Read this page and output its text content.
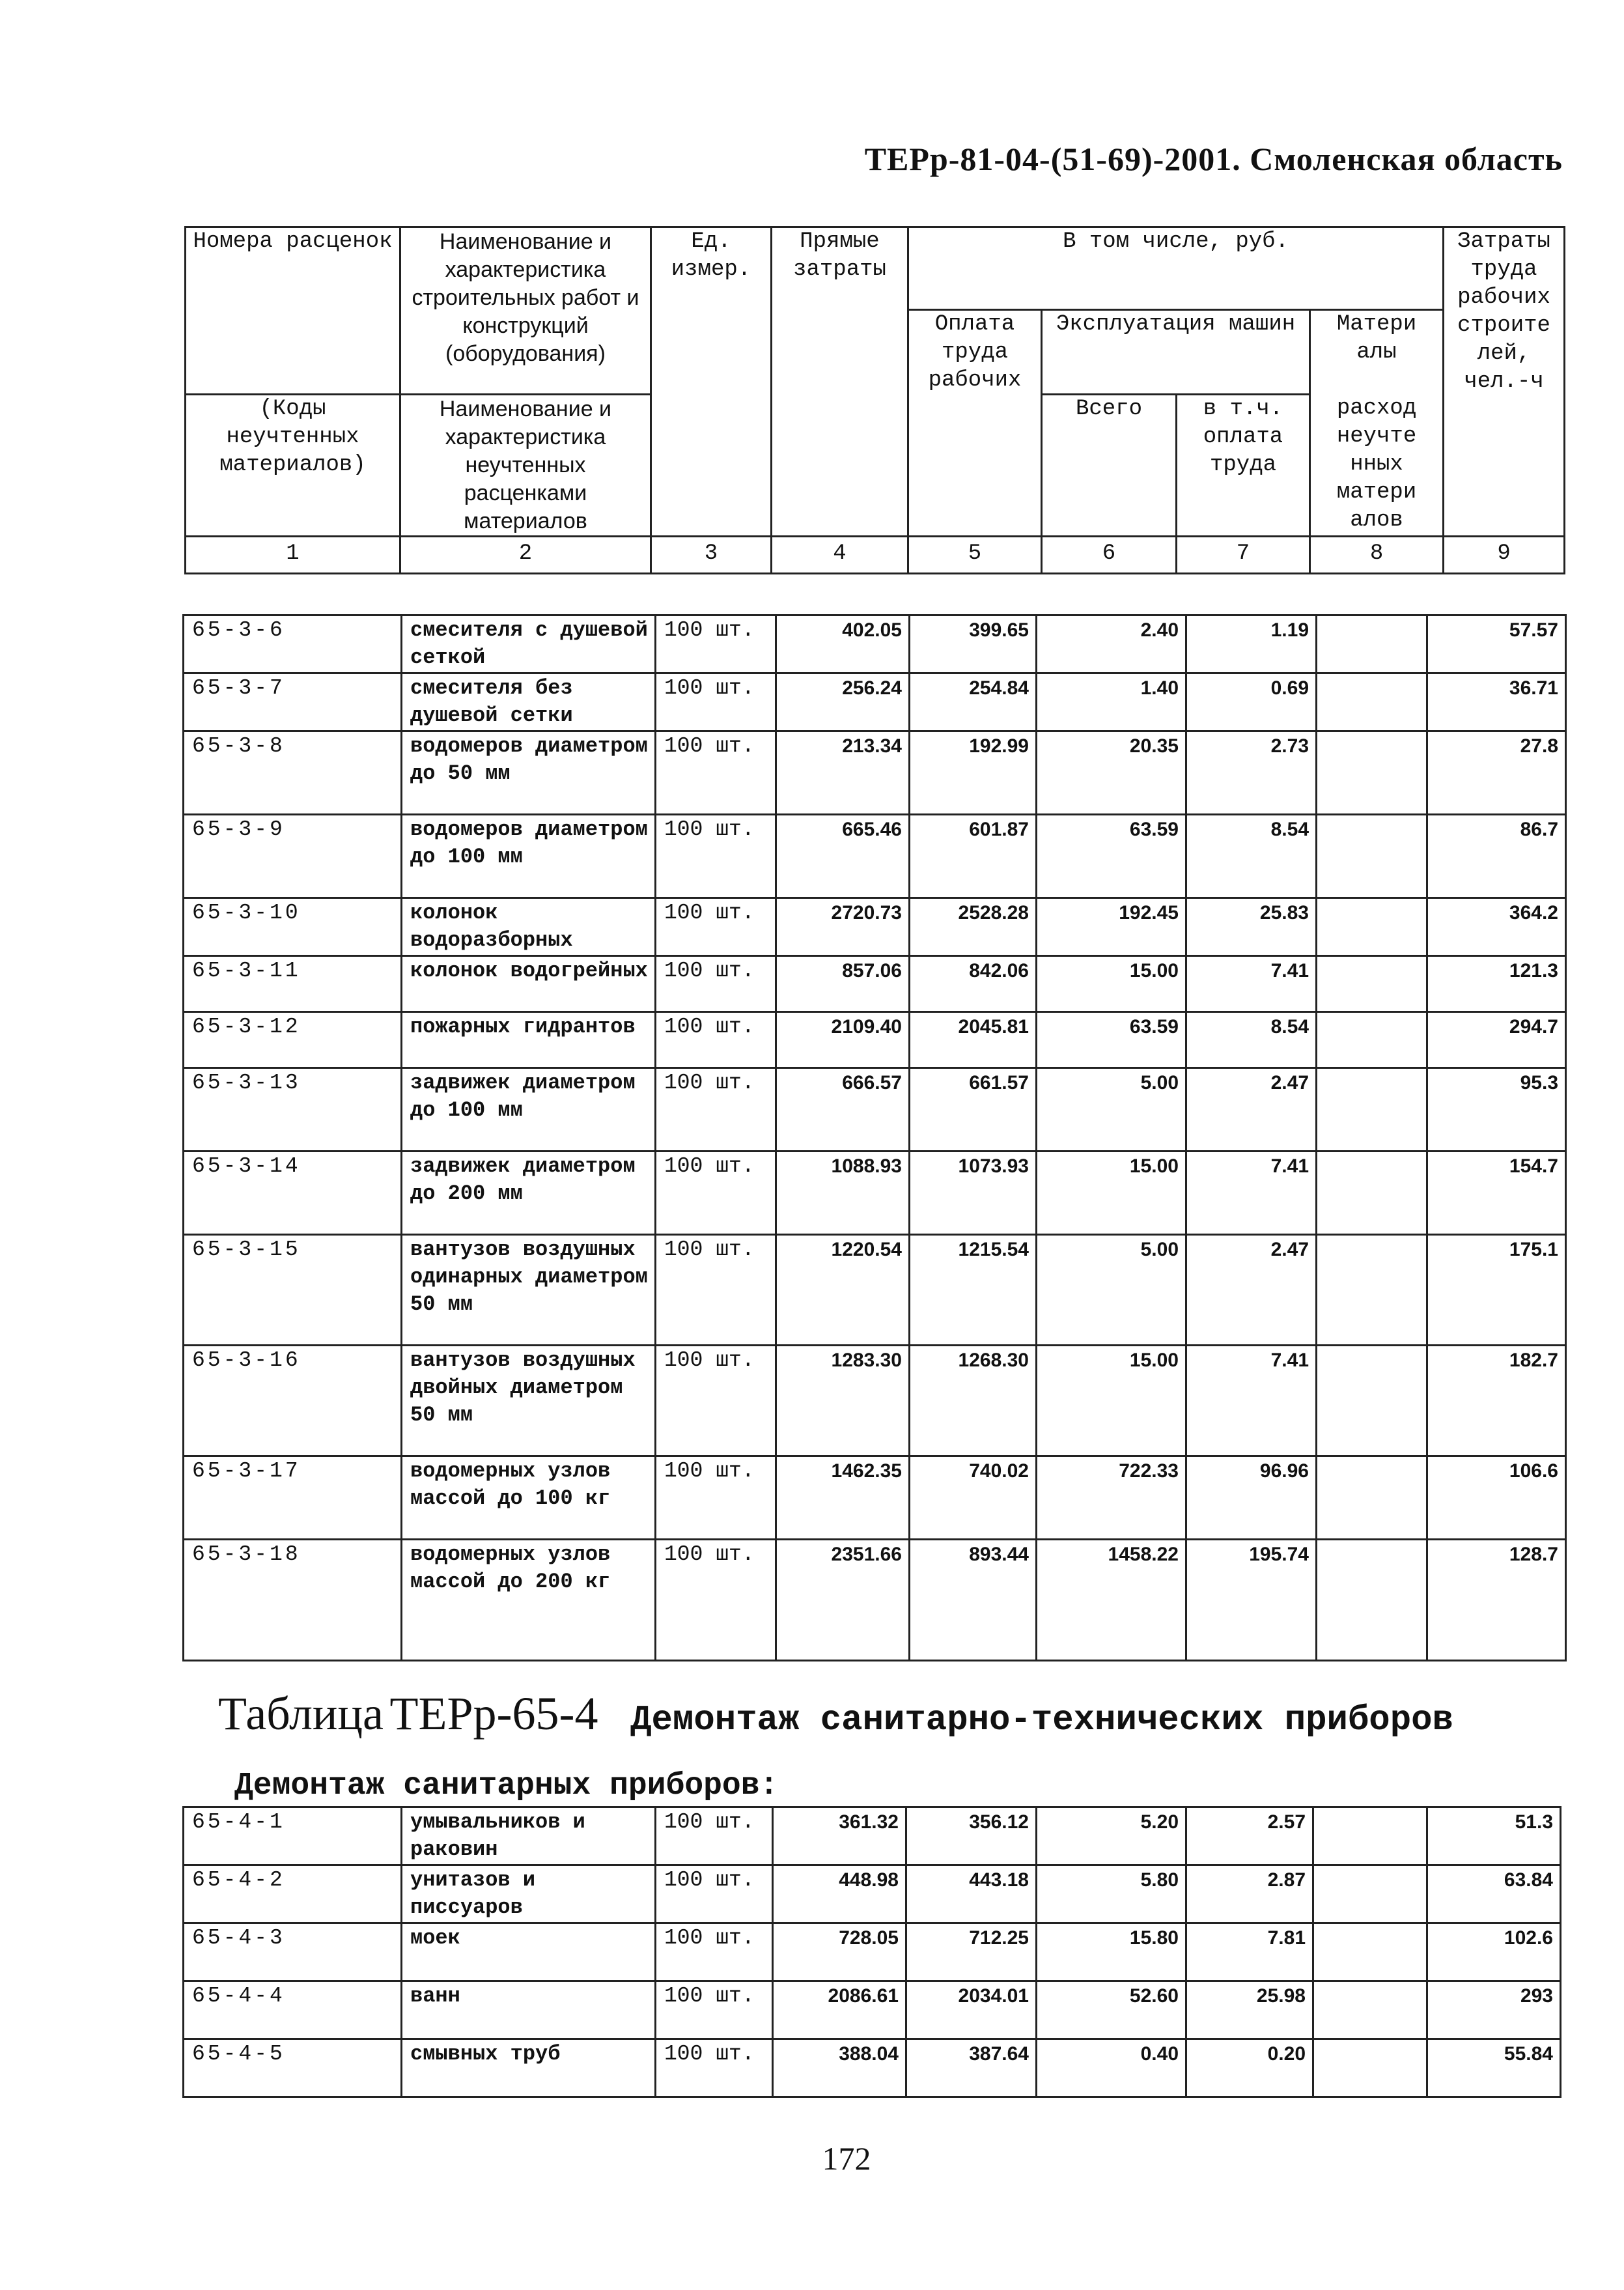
ТЕРр-81-04-(51-69)-2001. Смоленская область
Номера расценок	Наименование и характеристика строительных работ и конструкций (оборудования)	Ед. измер.	Прямые затраты	В том числе, руб.				Затраты труда рабочих строите лей, чел.-ч
				Оплата труда рабочих	Эксплуатация машин		Матери алы	
(Коды неучтенных материалов)	Наименование и характеристика неучтенных расценками материалов				Всего	в т.ч. оплата труда	расход неучте нных матери алов	
1	2	3	4	5	6	7	8	9
65-3-6	смесителя с душевой сеткой	100 шт.	402.05	399.65	2.40	1.19		57.57
65-3-7	смесителя без душевой сетки	100 шт.	256.24	254.84	1.40	0.69		36.71
65-3-8	водомеров диаметром до 50 мм	100 шт.	213.34	192.99	20.35	2.73		27.8
65-3-9	водомеров диаметром до 100 мм	100 шт.	665.46	601.87	63.59	8.54		86.7
65-3-10	колонок водоразборных	100 шт.	2720.73	2528.28	192.45	25.83		364.2
65-3-11	колонок водогрейных	100 шт.	857.06	842.06	15.00	7.41		121.3
65-3-12	пожарных гидрантов	100 шт.	2109.40	2045.81	63.59	8.54		294.7
65-3-13	задвижек диаметром до 100 мм	100 шт.	666.57	661.57	5.00	2.47		95.3
65-3-14	задвижек диаметром до 200 мм	100 шт.	1088.93	1073.93	15.00	7.41		154.7
65-3-15	вантузов воздушных одинарных диаметром 50 мм	100 шт.	1220.54	1215.54	5.00	2.47		175.1
65-3-16	вантузов воздушных двойных диаметром 50 мм	100 шт.	1283.30	1268.30	15.00	7.41		182.7
65-3-17	водомерных узлов массой до 100 кг	100 шт.	1462.35	740.02	722.33	96.96		106.6
65-3-18	водомерных узлов массой до 200 кг	100 шт.	2351.66	893.44	1458.22	195.74		128.7
Таблица ТЕРр-65-4 Демонтаж санитарно-технических приборов
Демонтаж санитарных приборов:
65-4-1	умывальников и раковин	100 шт.	361.32	356.12	5.20	2.57		51.3
65-4-2	унитазов и писсуаров	100 шт.	448.98	443.18	5.80	2.87		63.84
65-4-3	моек	100 шт.	728.05	712.25	15.80	7.81		102.6
65-4-4	ванн	100 шт.	2086.61	2034.01	52.60	25.98		293
65-4-5	смывных труб	100 шт.	388.04	387.64	0.40	0.20		55.84
172
